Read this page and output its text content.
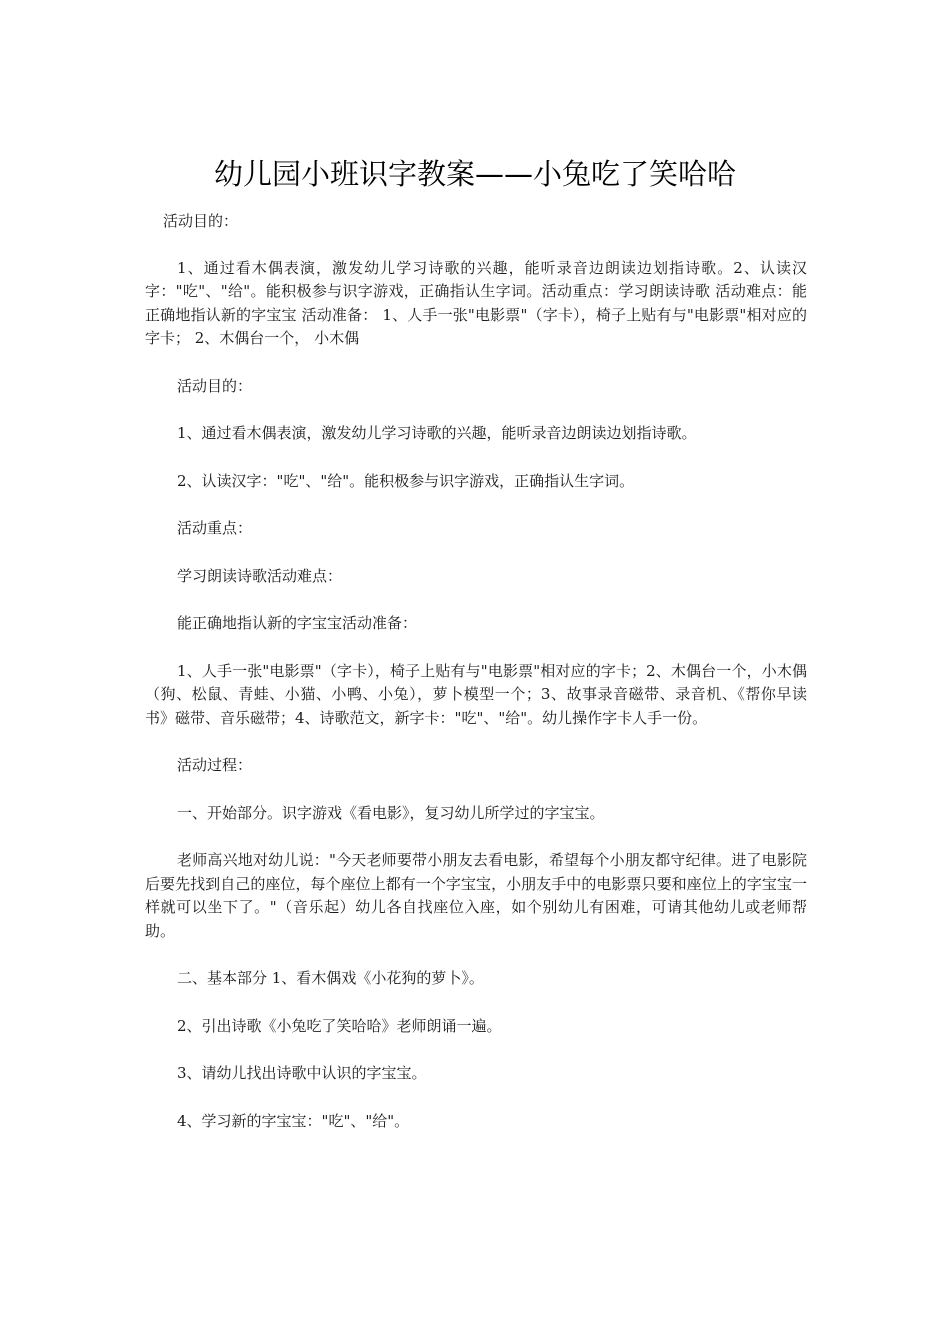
幼儿园小班识字教案——小兔吃了笑哈哈

活动目的：

1、通过看木偶表演，激发幼儿学习诗歌的兴趣，能听录音边朗读边划指诗歌。2、认读汉字："吃"、"给"。能积极参与识字游戏，正确指认生字词。活动重点：学习朗读诗歌 活动难点：能正确地指认新的字宝宝 活动准备： 1、人手一张"电影票"（字卡），椅子上贴有与"电影票"相对应的字卡； 2、木偶台一个， 小木偶

活动目的：

1、通过看木偶表演，激发幼儿学习诗歌的兴趣，能听录音边朗读边划指诗歌。

2、认读汉字："吃"、"给"。能积极参与识字游戏，正确指认生字词。

活动重点：

学习朗读诗歌活动难点：

能正确地指认新的字宝宝活动准备：

1、人手一张"电影票"（字卡），椅子上贴有与"电影票"相对应的字卡；2、木偶台一个，小木偶（狗、松鼠、青蛙、小猫、小鸭、小兔），萝卜模型一个；3、故事录音磁带、录音机、《帮你早读书》磁带、音乐磁带；4、诗歌范文，新字卡："吃"、"给"。幼儿操作字卡人手一份。

活动过程：

一、开始部分。识字游戏《看电影》，复习幼儿所学过的字宝宝。

老师高兴地对幼儿说："今天老师要带小朋友去看电影，希望每个小朋友都守纪律。进了电影院后要先找到自己的座位，每个座位上都有一个字宝宝，小朋友手中的电影票只要和座位上的字宝宝一样就可以坐下了。"（音乐起）幼儿各自找座位入座，如个别幼儿有困难，可请其他幼儿或老师帮助。

二、基本部分 1、看木偶戏《小花狗的萝卜》。

2、引出诗歌《小兔吃了笑哈哈》老师朗诵一遍。

3、请幼儿找出诗歌中认识的字宝宝。

4、学习新的字宝宝："吃"、"给"。
